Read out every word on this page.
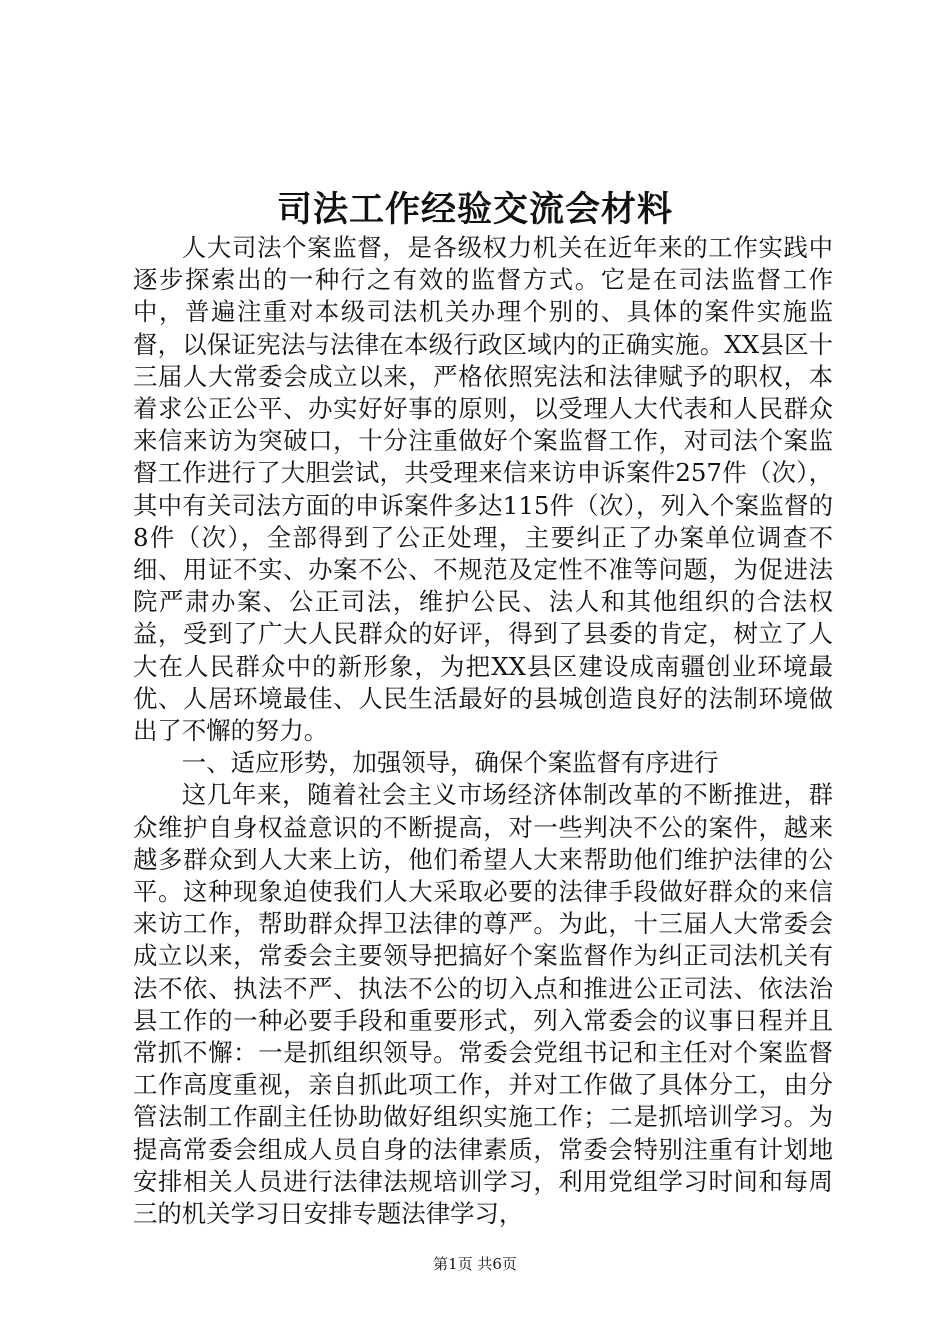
司法工作经验交流会材料

人大司法个案监督，是各级权力机关在近年来的工作实践中逐步探索出的一种行之有效的监督方式。它是在司法监督工作中，普遍注重对本级司法机关办理个别的、具体的案件实施监督，以保证宪法与法律在本级行政区域内的正确实施。XX县区十三届人大常委会成立以来，严格依照宪法和法律赋予的职权，本着求公正公平、办实好好事的原则，以受理人大代表和人民群众来信来访为突破口，十分注重做好个案监督工作，对司法个案监督工作进行了大胆尝试，共受理来信来访申诉案件257件（次），其中有关司法方面的申诉案件多达115件（次），列入个案监督的8件（次），全部得到了公正处理，主要纠正了办案单位调查不细、用证不实、办案不公、不规范及定性不准等问题，为促进法院严肃办案、公正司法，维护公民、法人和其他组织的合法权益，受到了广大人民群众的好评，得到了县委的肯定，树立了人大在人民群众中的新形象，为把XX县区建设成南疆创业环境最优、人居环境最佳、人民生活最好的县城创造良好的法制环境做出了不懈的努力。

一、适应形势，加强领导，确保个案监督有序进行

这几年来，随着社会主义市场经济体制改革的不断推进，群众维护自身权益意识的不断提高，对一些判决不公的案件，越来越多群众到人大来上访，他们希望人大来帮助他们维护法律的公平。这种现象迫使我们人大采取必要的法律手段做好群众的来信来访工作，帮助群众捍卫法律的尊严。为此，十三届人大常委会成立以来，常委会主要领导把搞好个案监督作为纠正司法机关有法不依、执法不严、执法不公的切入点和推进公正司法、依法治县工作的一种必要手段和重要形式，列入常委会的议事日程并且常抓不懈：一是抓组织领导。常委会党组书记和主任对个案监督工作高度重视，亲自抓此项工作，并对工作做了具体分工，由分管法制工作副主任协助做好组织实施工作；二是抓培训学习。为提高常委会组成人员自身的法律素质，常委会特别注重有计划地安排相关人员进行法律法规培训学习，利用党组学习时间和每周三的机关学习日安排专题法律学习，

第1页 共6页
